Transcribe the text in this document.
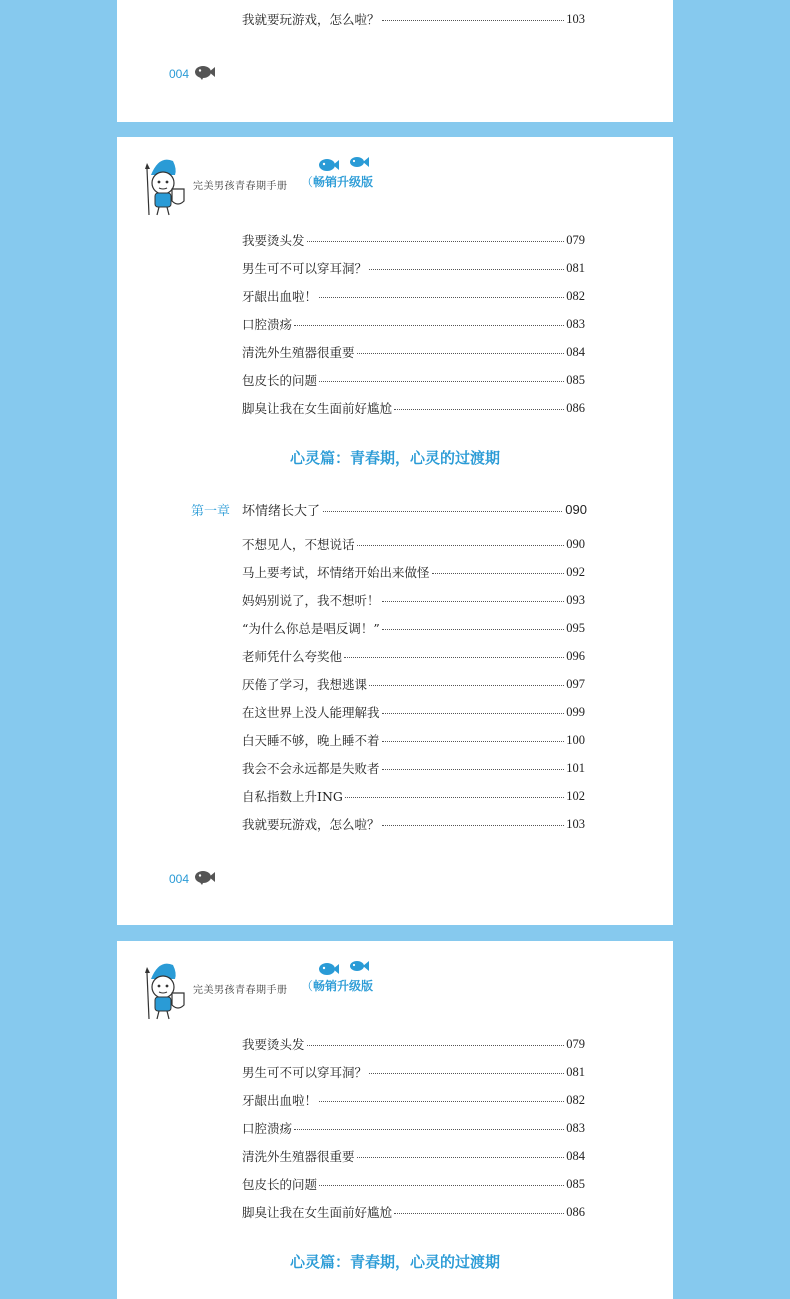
我就要玩游戏，怎么啦？	103
004
完美男孩青春期手册 （畅销升级版
我要烫头发	079
男生可不可以穿耳洞？	081
牙龈出血啦！	082
口腔溃疡	083
清洗外生殖器很重要	084
包皮长的问题	085
脚臭让我在女生面前好尴尬	086
心灵篇：青春期，心灵的过渡期
第一章 坏情绪长大了	090
不想见人，不想说话	090
马上要考试，坏情绪开始出来做怪	092
妈妈别说了，我不想听！	093
“为什么你总是唱反调！”	095
老师凭什么夸奖他	096
厌倦了学习，我想逃课	097
在这世界上没人能理解我	099
白天睡不够，晚上睡不着	100
我会不会永远都是失败者	101
自私指数上升ING	102
我就要玩游戏，怎么啦？	103
004
完美男孩青春期手册 （畅销升级版
我要烫头发	079
男生可不可以穿耳洞？	081
牙龈出血啦！	082
口腔溃疡	083
清洗外生殖器很重要	084
包皮长的问题	085
脚臭让我在女生面前好尴尬	086
心灵篇：青春期，心灵的过渡期
